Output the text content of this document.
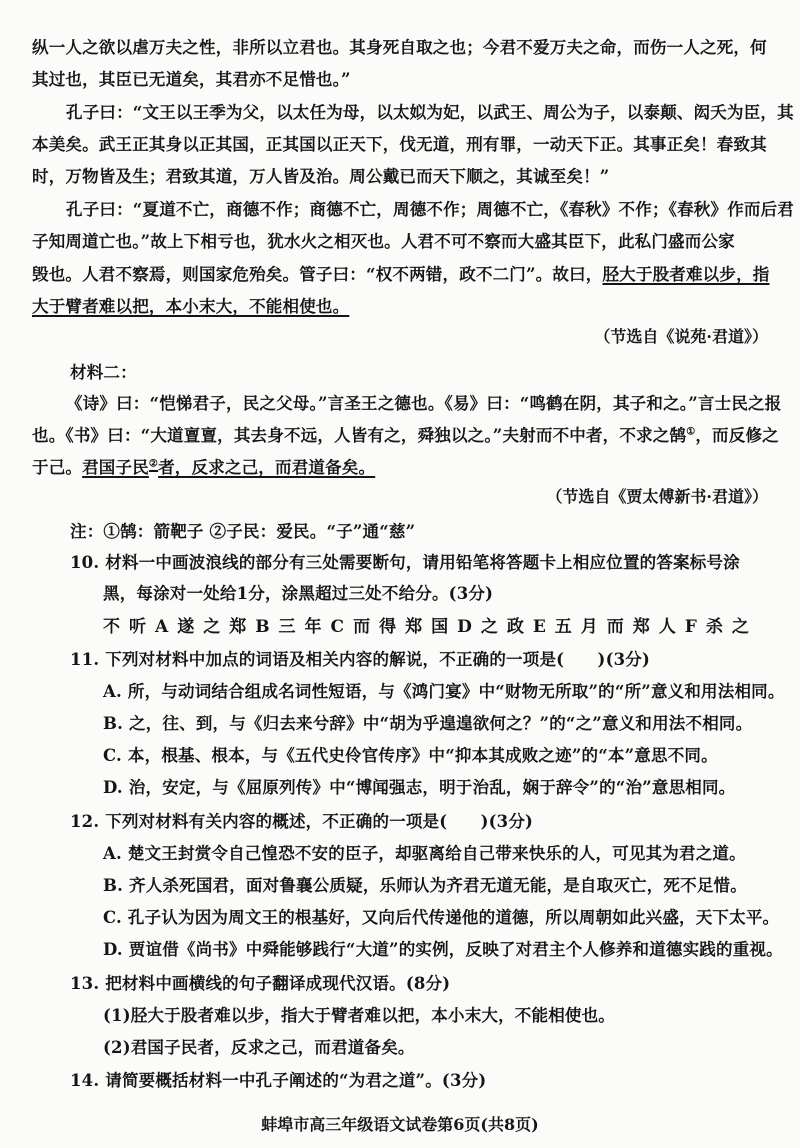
纵一人之欲以虐万夫之性，非所以立君也。其身死自取之也；今君不爱万夫之命，而伤一人之死，何
其过也，其臣已无道矣，其君亦不足惜也。”
孔子曰：“文王以王季为父，以太任为母，以太姒为妃，以武王、周公为子，以泰颠、闳夭为臣，其
本美矣。武王正其身以正其国，正其国以正天下，伐无道，刑有罪，一动天下正。其事正矣！春致其
时，万物皆及生；君致其道，万人皆及治。周公戴已而天下顺之，其诚至矣！”
孔子曰：“夏道不亡，商德不作；商德不亡，周德不作；周德不亡，《春秋》不作；《春秋》作而后君
子知周道亡也。”故上下相亏也，犹水火之相灭也。人君不可不察而大盛其臣下，此私门盛而公家
毁也。人君不察焉，则国家危殆矣。管子曰：“权不两错，政不二门”。故曰，胫大于股者难以步，指
大于臂者难以把，本小末大，不能相使也。
（节选自《说苑·君道》）
材料二：
《诗》曰：“恺悌君子，民之父母。”言圣王之德也。《易》曰：“鸣鹤在阴，其子和之。”言士民之报
也。《书》曰：“大道亶亶，其去身不远，人皆有之，舜独以之。”夫射而不中者，不求之鹄①，而反修之
于己。君国子民②者，反求之己，而君道备矣。
（节选自《贾太傅新书·君道》）
注：①鹄：箭靶子 ②子民：爱民。“子”通“慈”
10. 材料一中画波浪线的部分有三处需要断句，请用铅笔将答题卡上相应位置的答案标号涂
黑，每涂对一处给1分，涂黑超过三处不给分。(3分)
不听A遂之郑B三年C而得郑国D之政E五月而郑人F杀之
11. 下列对材料中加点的词语及相关内容的解说，不正确的一项是(　　)(3分)
A. 所，与动词结合组成名词性短语，与《鸿门宴》中“财物无所取”的“所”意义和用法相同。
B. 之，往、到，与《归去来兮辞》中“胡为乎遑遑欲何之？”的“之”意义和用法不相同。
C. 本，根基、根本，与《五代史伶官传序》中“抑本其成败之迹”的“本”意思不同。
D. 治，安定，与《屈原列传》中“博闻强志，明于治乱，娴于辞令”的“治”意思相同。
12. 下列对材料有关内容的概述，不正确的一项是(　　)(3分)
A. 楚文王封赏令自己惶恐不安的臣子，却驱离给自己带来快乐的人，可见其为君之道。
B. 齐人杀死国君，面对鲁襄公质疑，乐师认为齐君无道无能，是自取灭亡，死不足惜。
C. 孔子认为因为周文王的根基好，又向后代传递他的道德，所以周朝如此兴盛，天下太平。
D. 贾谊借《尚书》中舜能够践行“大道”的实例，反映了对君主个人修养和道德实践的重视。
13. 把材料中画横线的句子翻译成现代汉语。(8分)
(1)胫大于股者难以步，指大于臂者难以把，本小末大，不能相使也。
(2)君国子民者，反求之己，而君道备矣。
14. 请简要概括材料一中孔子阐述的“为君之道”。(3分)
蚌埠市高三年级语文试卷第6页(共8页)
